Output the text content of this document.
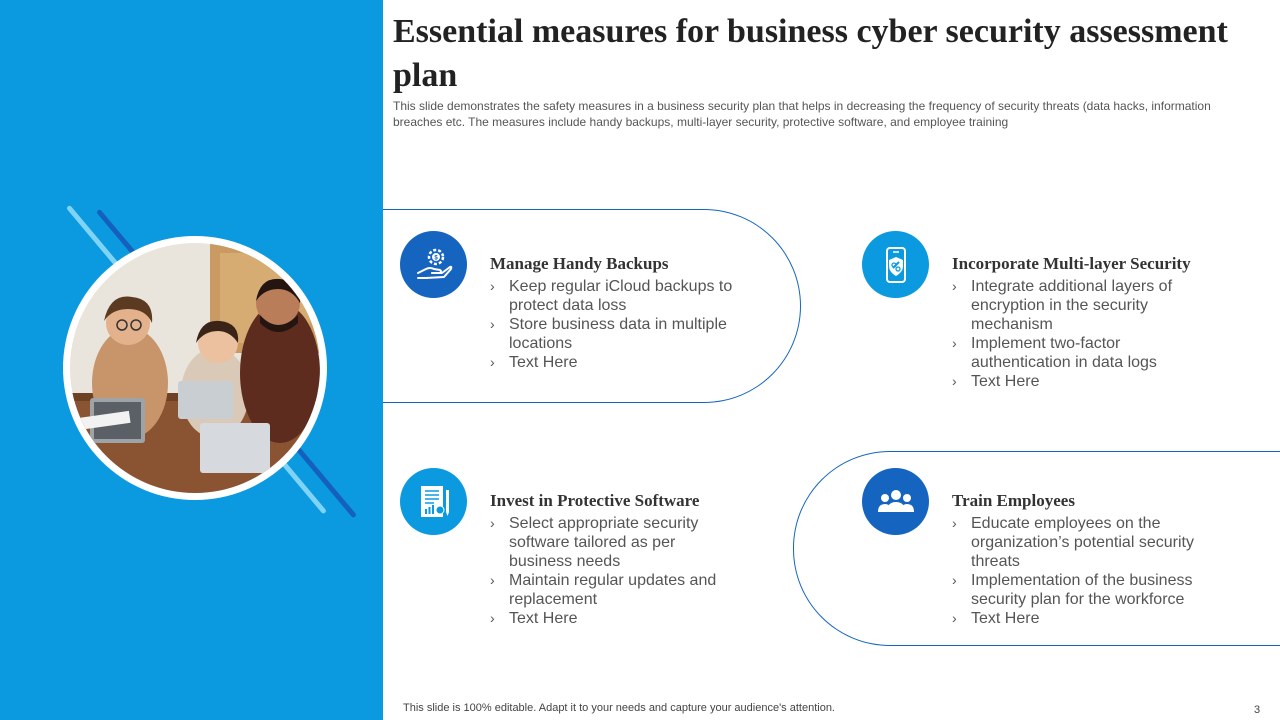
Essential measures for business cyber security assessment plan

This slide demonstrates the safety measures in a business security plan that helps in decreasing the frequency of security threats (data hacks, information breaches etc. The measures include handy backups, multi-layer security, protective software, and employee training

$	Manage Handy Backups
› Keep regular iCloud backups to protect data loss
› Store business data in multiple locations
› Text Here
Incorporate Multi-layer Security
› Integrate additional layers of encryption in the security mechanism
› Implement two-factor authentication in data logs
› Text Here
Invest in Protective Software
› Select appropriate security software tailored as per business needs
› Maintain regular updates and replacement
› Text Here
Train Employees
› Educate employees on the organization’s potential security threats
› Implementation of the business security plan for the workforce
› Text Here
This slide is 100% editable. Adapt it to your needs and capture your audience's attention.	3
